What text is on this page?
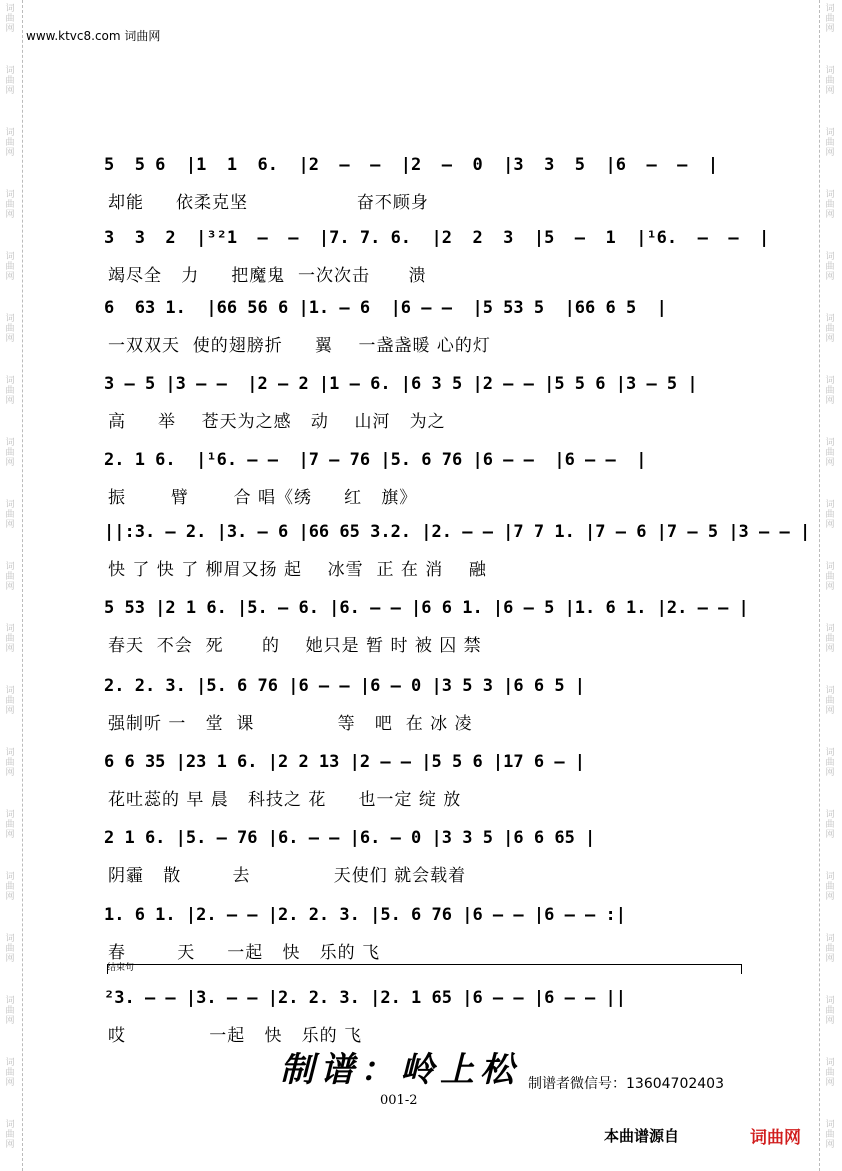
词
曲
网
词
曲
网
词
曲
网
词
曲
网
词
曲
网
词
曲
网
词
曲
网
词
曲
网
词
曲
网
词
曲
网
词
曲
网
词
曲
网
词
曲
网
词
曲
网
词
曲
网
词
曲
网
词
曲
网
词
曲
网
词
曲
网
词
曲
网
词
曲
网
词
曲
网
词
曲
网
词
曲
网
词
曲
网
词
曲
网
词
曲
网
词
曲
网
词
曲
网
词
曲
网
词
曲
网
词
曲
网
词
曲
网
词
曲
网
词
曲
网
词
曲
网
词
曲
网
词
曲
网
www.ktvc8.com 词曲网
5  5 6  |1  1  6.  |2  –  –  |2  –  0  |3  3  5  |6  –  –  |
却能     依柔克坚                 奋不顾身
3  3  2  |³²1  –  –  |7. 7. 6.  |2  2  3  |5  –  1  |¹6.  –  –  |
竭尽全   力     把魔鬼  一次次击      溃
6  63 1.  |66 56 6 |1. – 6  |6 – –  |5 53 5  |66 6 5  |
一双双天  使的翅膀折     翼    一盏盏暖 心的灯
3 – 5 |3 – –  |2 – 2 |1 – 6. |6 3 5 |2 – – |5 5 6 |3 – 5 |
高     举    苍天为之感   动    山河   为之
2. 1 6.  |¹6. – –  |7 – 76 |5. 6 76 |6 – –  |6 – –  |
振       臂       合 唱《绣     红   旗》
||:3. – 2. |3. – 6 |66 65 3.2. |2. – – |7 7 1. |7 – 6 |7 – 5 |3 – – |
快 了 快 了 柳眉又扬 起    冰雪  正 在 消    融
5 53 |2 1 6. |5. – 6. |6. – – |6 6 1. |6 – 5 |1. 6 1. |2. – – |
春天  不会  死      的    她只是 暂 时 被 囚 禁
2. 2. 3. |5. 6 76 |6 – – |6 – 0 |3 5 3 |6 6 5 |
强制听 一   堂  课             等   吧  在 冰 凌
6 6 35 |23 1 6. |2 2 13 |2 – – |5 5 6 |17 6 – |
花吐蕊的 早 晨   科技之 花     也一定 绽 放
2 1 6. |5. – 76 |6. – – |6. – 0 |3 3 5 |6 6 65 |
阴霾   散        去             天使们 就会载着
1. 6 1. |2. – – |2. 2. 3. |5. 6 76 |6 – – |6 – – :|
春        天     一起   快   乐的 飞
²3. – – |3. – – |2. 2. 3. |2. 1 65 |6 – – |6 – – ||
哎             一起   快   乐的 飞
结束句
制谱：岭上松 制谱者微信号：13604702403
001-2
本曲谱源自	词曲网
